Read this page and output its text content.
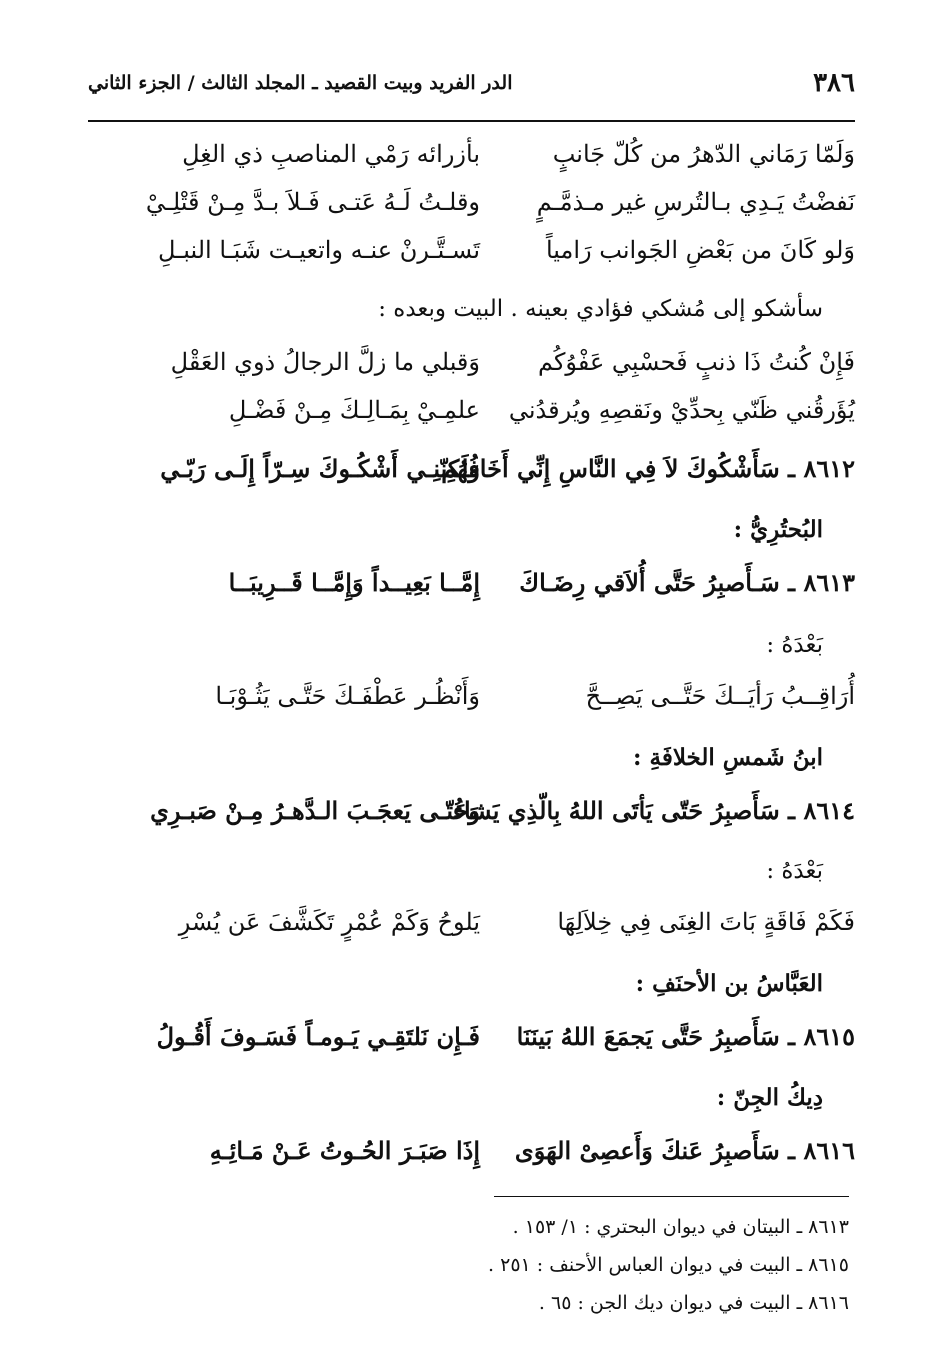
٣٨٦
الدر الفريد وبيت القصيد ـ المجلد الثالث / الجزء الثاني
وَلَمّا رَمَاني الدّهرُ من كُلّ جَانبٍ
بأزرائه رَمْي المناصبِ ذي الغِلِ
نَفضْتُ يَـدِي بـالتُرسِ غير مـذمَّـمٍ
وقلـتُ لَـهُ عَتـى فَـلاَ بـدَّ مِـنْ قَتْلِـيْ
وَلو كَانَ من بَعْضِ الجَوانب رَامياً
تَسـتَّـرنْ عنـه واتعيـت شَبَـا النبـلِ
سأشكو إلى مُشكي فؤادي بعينه . البيت وبعده :
فَإِنْ كُنتُ ذَا ذنبٍ فَحسْبِي عَفْوُكُم
وَقبلي ما زلَّ الرجالُ ذوي العَقْلِ
يُؤَرقُني ظَنّي بِحدِّيْ ونَقصِهِ ويُرقدُني
علمِـيْ بِمَـالِـكَ مِـنْ فَضْـلِ
٨٦١٢ ـ سَأَشْكُوكَ لاَ فِي النَّاسِ إِنِّي أَخَافُهُم
وَلَكِنّنِـي أَشْكُـوكَ سِـرّاً إِلَـى رَبّـي
البُحتُرِيُّ :
٨٦١٣ ـ سَـأَصبِرُ حَتَّى أُلاَقي رِضَـاكَ
إِمَّــا بَعِيــداً وَإِمَّــا قَــرِيبَــا
بَعْدَهُ :
أُرَاقِــبُ رَأيَــكَ حَتَّــى يَصِــحَّ
وَأَنْظُـر عَطْفَـكَ حَتَّـى يَثُـوْبَـا
ابنُ شَمسِ الخلافَةِ :
٨٦١٤ ـ سَأَصبِرُ حَتّى يَأتَى اللهُ بِالّذِي يَشاءُ
وَحَتّـى يَعجَـبَ الـدَّهـرُ مِـنْ صَبـرِي
بَعْدَهُ :
فَكَمْ فَاقَةٍ بَاتَ الغِنَى فِي خِلاَلِهَا
يَلوحُ وَكَمْ عُمْرٍ تَكَشَّفَ عَن يُسْرِ
العَبَّاسُ بن الأحنَفِ :
٨٦١٥ ـ سَأَصبِرُ حَتَّى يَجمَعَ اللهُ بَينَنَا
فَـإِن نَلتَقِـي يَـومـاً فَسَـوفَ أَقُـولُ
دِيكُ الجِنّ :
٨٦١٦ ـ سَأَصبِرُ عَنكَ وَأَعصِىْ الهَوَى
إِذَا صَبَـرَ الحُـوتُ عَـنْ مَـائِـهِ
٨٦١٣ ـ البيتان في ديوان البحتري : ١/ ١٥٣ .
٨٦١٥ ـ البيت في ديوان العباس الأحنف : ٢٥١ .
٨٦١٦ ـ البيت في ديوان ديك الجن : ٦٥ .
